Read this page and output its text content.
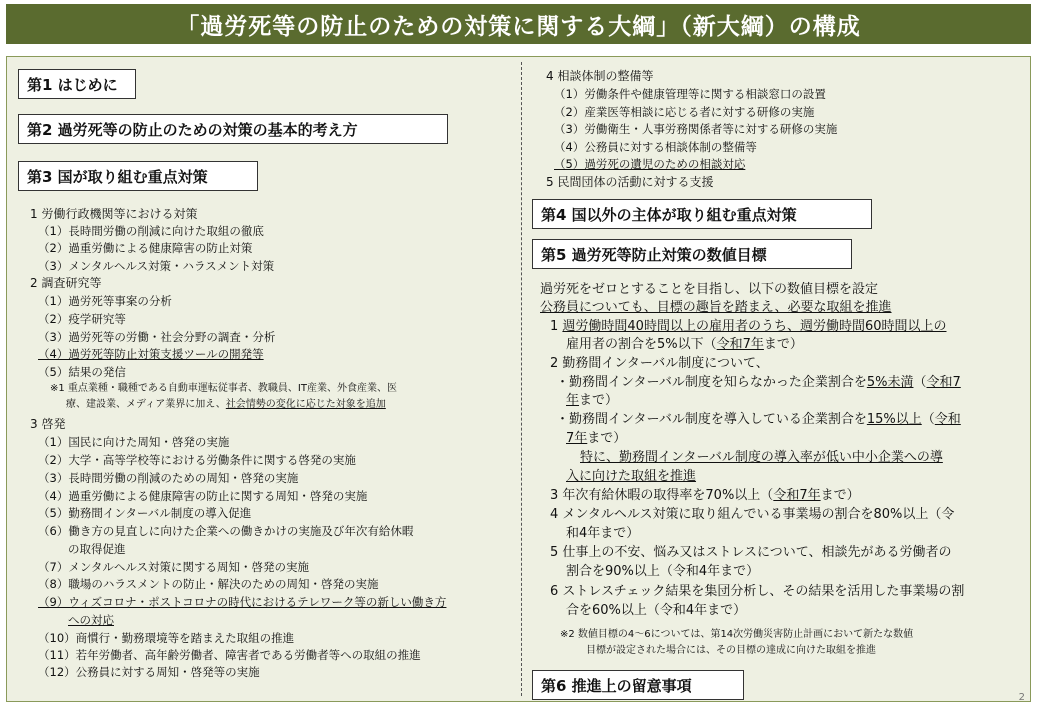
「過労死等の防止のための対策に関する大綱」（新大綱）の構成
第1 はじめに
第2 過労死等の防止のための対策の基本的考え方
第3 国が取り組む重点対策
1 労働行政機関等における対策
（1）長時間労働の削減に向けた取組の徹底
（2）過重労働による健康障害の防止対策
（3）メンタルヘルス対策・ハラスメント対策
2 調査研究等
（1）過労死等事案の分析
（2）疫学研究等
（3）過労死等の労働・社会分野の調査・分析
（4）過労死等防止対策支援ツールの開発等
（5）結果の発信
※1 重点業種・職種である自動車運転従事者、教職員、IT産業、外食産業、医
療、建設業、メディア業界に加え、社会情勢の変化に応じた対象を追加
3 啓発
（1）国民に向けた周知・啓発の実施
（2）大学・高等学校等における労働条件に関する啓発の実施
（3）長時間労働の削減のための周知・啓発の実施
（4）過重労働による健康障害の防止に関する周知・啓発の実施
（5）勤務間インターバル制度の導入促進
（6）働き方の見直しに向けた企業への働きかけの実施及び年次有給休暇
の取得促進
（7）メンタルヘルス対策に関する周知・啓発の実施
（8）職場のハラスメントの防止・解決のための周知・啓発の実施
（9）ウィズコロナ・ポストコロナの時代におけるテレワーク等の新しい働き方
への対応
（10）商慣行・勤務環境等を踏まえた取組の推進
（11）若年労働者、高年齢労働者、障害者である労働者等への取組の推進
（12）公務員に対する周知・啓発等の実施
4 相談体制の整備等
（1）労働条件や健康管理等に関する相談窓口の設置
（2）産業医等相談に応じる者に対する研修の実施
（3）労働衛生・人事労務関係者等に対する研修の実施
（4）公務員に対する相談体制の整備等
（5）過労死の遺児のための相談対応
5 民間団体の活動に対する支援
第4 国以外の主体が取り組む重点対策
第5 過労死等防止対策の数値目標
過労死をゼロとすることを目指し、以下の数値目標を設定
公務員についても、目標の趣旨を踏まえ、必要な取組を推進
1 週労働時間40時間以上の雇用者のうち、週労働時間60時間以上の
雇用者の割合を5%以下（令和7年まで）
2 勤務間インターバル制度について、
・勤務間インターバル制度を知らなかった企業割合を5%未満（令和7
年まで）
・勤務間インターバル制度を導入している企業割合を15%以上（令和
7年まで）
特に、勤務間インターバル制度の導入率が低い中小企業への導
入に向けた取組を推進
3 年次有給休暇の取得率を70%以上（令和7年まで）
4 メンタルヘルス対策に取り組んでいる事業場の割合を80%以上（令
和4年まで）
5 仕事上の不安、悩み又はストレスについて、相談先がある労働者の
割合を90%以上（令和4年まで）
6 ストレスチェック結果を集団分析し、その結果を活用した事業場の割
合を60%以上（令和4年まで）
※2 数値目標の4～6については、第14次労働災害防止計画において新たな数値
目標が設定された場合には、その目標の達成に向けた取組を推進
第6 推進上の留意事項
2
